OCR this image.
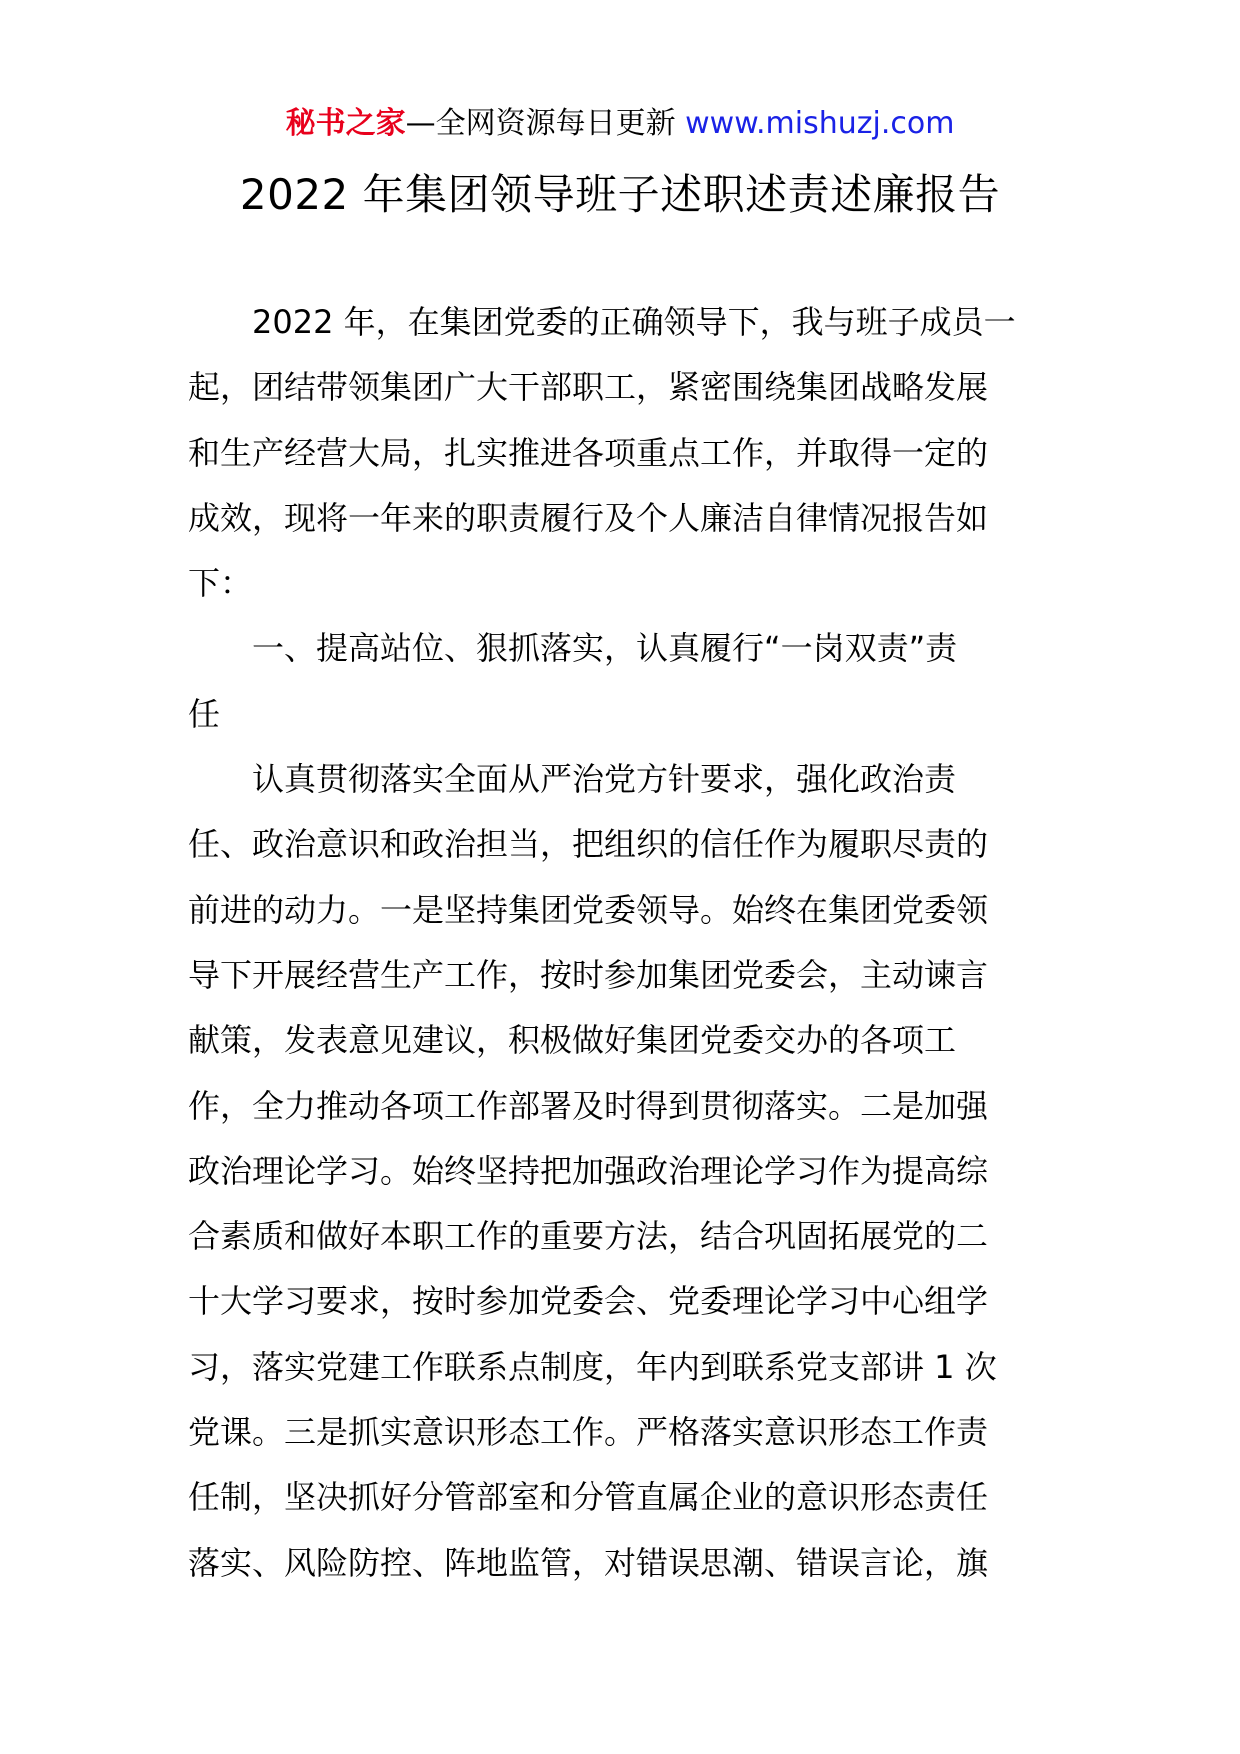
秘书之家—全网资源每日更新 www.mishuzj.com
2022 年集团领导班子述职述责述廉报告
　　2022 年，在集团党委的正确领导下，我与班子成员一
起，团结带领集团广大干部职工，紧密围绕集团战略发展
和生产经营大局，扎实推进各项重点工作，并取得一定的
成效，现将一年来的职责履行及个人廉洁自律情况报告如
下：
　　一、提高站位、狠抓落实，认真履行“一岗双责”责
任
　　认真贯彻落实全面从严治党方针要求，强化政治责
任、政治意识和政治担当，把组织的信任作为履职尽责的
前进的动力。一是坚持集团党委领导。始终在集团党委领
导下开展经营生产工作，按时参加集团党委会，主动谏言
献策，发表意见建议，积极做好集团党委交办的各项工
作，全力推动各项工作部署及时得到贯彻落实。二是加强
政治理论学习。始终坚持把加强政治理论学习作为提高综
合素质和做好本职工作的重要方法，结合巩固拓展党的二
十大学习要求，按时参加党委会、党委理论学习中心组学
习，落实党建工作联系点制度，年内到联系党支部讲 1 次
党课。三是抓实意识形态工作。严格落实意识形态工作责
任制，坚决抓好分管部室和分管直属企业的意识形态责任
落实、风险防控、阵地监管，对错误思潮、错误言论，旗
